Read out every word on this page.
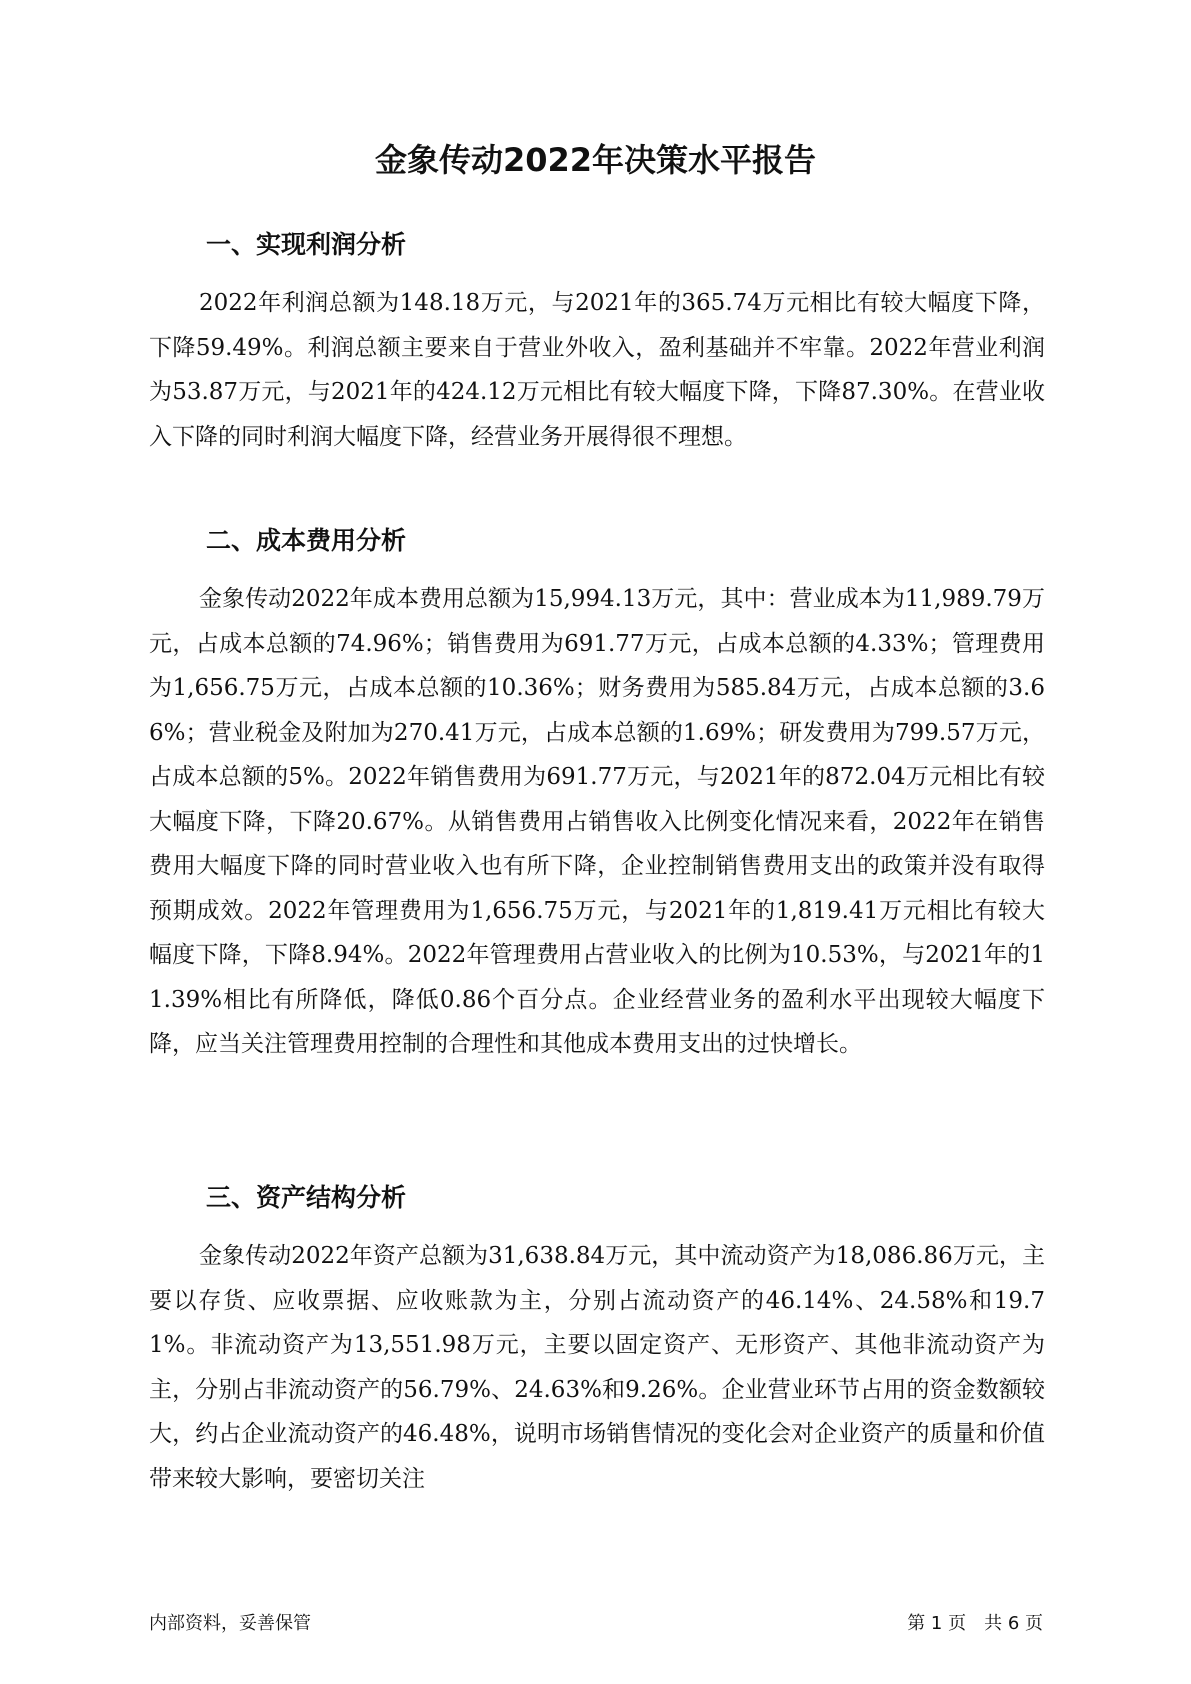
金象传动2022年决策水平报告
一、实现利润分析

2022年利润总额为148.18万元，与2021年的365.74万元相比有较大幅度下降，下降59.49%。利润总额主要来自于营业外收入，盈利基础并不牢靠。2022年营业利润为53.87万元，与2021年的424.12万元相比有较大幅度下降，下降87.30%。在营业收入下降的同时利润大幅度下降，经营业务开展得很不理想。

二、成本费用分析

金象传动2022年成本费用总额为15,994.13万元，其中：营业成本为11,989.79万元，占成本总额的74.96%；销售费用为691.77万元，占成本总额的4.33%；管理费用为1,656.75万元，占成本总额的10.36%；财务费用为585.84万元，占成本总额的3.66%；营业税金及附加为270.41万元，占成本总额的1.69%；研发费用为799.57万元，占成本总额的5%。2022年销售费用为691.77万元，与2021年的872.04万元相比有较大幅度下降，下降20.67%。从销售费用占销售收入比例变化情况来看，2022年在销售费用大幅度下降的同时营业收入也有所下降，企业控制销售费用支出的政策并没有取得预期成效。2022年管理费用为1,656.75万元，与2021年的1,819.41万元相比有较大幅度下降，下降8.94%。2022年管理费用占营业收入的比例为10.53%，与2021年的11.39%相比有所降低，降低0.86个百分点。企业经营业务的盈利水平出现较大幅度下降，应当关注管理费用控制的合理性和其他成本费用支出的过快增长。

三、资产结构分析

金象传动2022年资产总额为31,638.84万元，其中流动资产为18,086.86万元，主要以存货、应收票据、应收账款为主，分别占流动资产的46.14%、24.58%和19.71%。非流动资产为13,551.98万元，主要以固定资产、无形资产、其他非流动资产为主，分别占非流动资产的56.79%、24.63%和9.26%。企业营业环节占用的资金数额较大，约占企业流动资产的46.48%，说明市场销售情况的变化会对企业资产的质量和价值带来较大影响，要密切关注

内部资料，妥善保管	第 1 页　共 6 页
